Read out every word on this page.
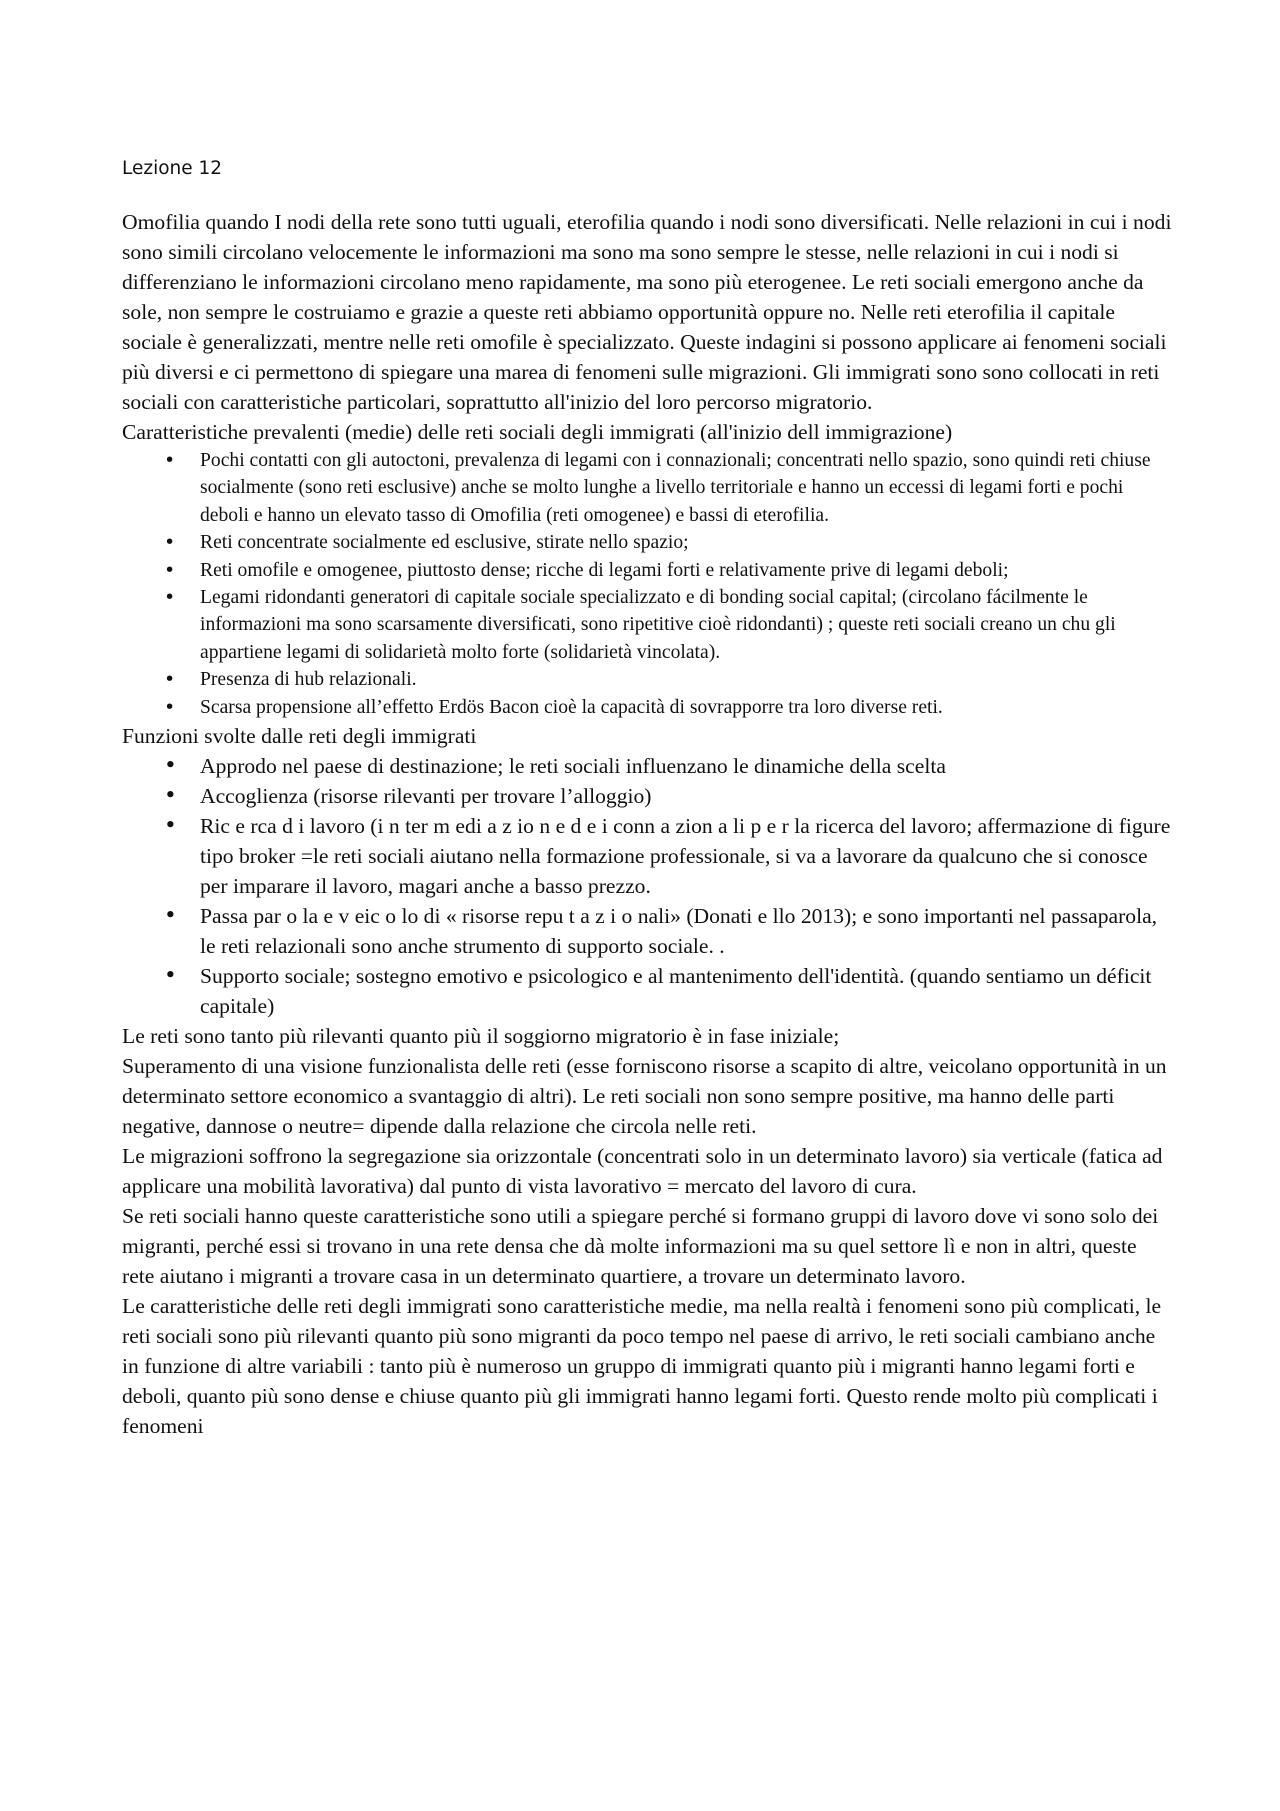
Lezione 12

Omofilia quando I nodi della rete sono tutti uguali, eterofilia quando i nodi sono diversificati. Nelle relazioni in cui i nodi sono simili circolano velocemente le informazioni ma sono ma sono sempre le stesse, nelle relazioni in cui i nodi si differenziano le informazioni circolano meno rapidamente, ma sono più eterogenee. Le reti sociali emergono anche da sole, non sempre le costruiamo e grazie a queste reti abbiamo opportunità oppure no. Nelle reti eterofilia il capitale sociale è generalizzati, mentre nelle reti omofile è specializzato. Queste indagini si possono applicare ai fenomeni sociali più diversi e ci permettono di spiegare una marea di fenomeni sulle migrazioni. Gli immigrati sono sono collocati in reti sociali con caratteristiche particolari, soprattutto all'inizio del loro percorso migratorio.

Caratteristiche prevalenti (medie) delle reti sociali degli immigrati (all'inizio dell immigrazione)

• Pochi contatti con gli autoctoni, prevalenza di legami con i connazionali; concentrati nello spazio, sono quindi reti chiuse socialmente (sono reti esclusive) anche se molto lunghe a livello territoriale e hanno un eccessi di legami forti e pochi deboli e hanno un elevato tasso di Omofilia (reti omogenee) e bassi di eterofilia.
• Reti concentrate socialmente ed esclusive, stirate nello spazio;
• Reti omofile e omogenee, piuttosto dense; ricche di legami forti e relativamente prive di legami deboli;
• Legami ridondanti generatori di capitale sociale specializzato e di bonding social capital; (circolano fácilmente le informazioni ma sono scarsamente diversificati, sono ripetitive cioè ridondanti) ; queste reti sociali creano un chu gli appartiene legami di solidarietà molto forte (solidarietà vincolata).
• Presenza di hub relazionali.
• Scarsa propensione all’effetto Erdös Bacon cioè la capacità di sovrapporre tra loro diverse reti.

Funzioni svolte dalle reti degli immigrati

• Approdo nel paese di destinazione; le reti sociali influenzano le dinamiche della scelta
• Accoglienza (risorse rilevanti per trovare l’alloggio)
• Ric e rca d i lavoro (i n ter m edi a z io n e d e i conn a zion a li p e r la ricerca del lavoro; affermazione di figure tipo broker =le reti sociali aiutano nella formazione professionale, si va a lavorare da qualcuno che si conosce per imparare il lavoro, magari anche a basso prezzo.
• Passa par o la e v eic o lo di « risorse repu t a z i o nali» (Donati e llo 2013); e sono importanti nel passaparola, le reti relazionali sono anche strumento di supporto sociale. .
• Supporto sociale; sostegno emotivo e psicologico e al mantenimento dell'identità. (quando sentiamo un déficit capitale)

Le reti sono tanto più rilevanti quanto più il soggiorno migratorio è in fase iniziale;

Superamento di una visione funzionalista delle reti (esse forniscono risorse a scapito di altre, veicolano opportunità in un determinato settore economico a svantaggio di altri). Le reti sociali non sono sempre positive, ma hanno delle parti negative, dannose o neutre= dipende dalla relazione che circola nelle reti.

Le migrazioni soffrono la segregazione sia orizzontale (concentrati solo in un determinato lavoro) sia verticale (fatica ad applicare una mobilità lavorativa) dal punto di vista lavorativo = mercato del lavoro di cura.

Se reti sociali hanno queste caratteristiche sono utili a spiegare perché si formano gruppi di lavoro dove vi sono solo dei migranti, perché essi si trovano in una rete densa che dà molte informazioni ma su quel settore lì e non in altri, queste rete aiutano i migranti a trovare casa in un determinato quartiere, a trovare un determinato lavoro.

Le caratteristiche delle reti degli immigrati sono caratteristiche medie, ma nella realtà i fenomeni sono più complicati, le reti sociali sono più rilevanti quanto più sono migranti da poco tempo nel paese di arrivo, le reti sociali cambiano anche in funzione di altre variabili : tanto più è numeroso un gruppo di immigrati quanto più i migranti hanno legami forti e deboli, quanto più sono dense e chiuse quanto più gli immigrati hanno legami forti. Questo rende molto più complicati i fenomeni
